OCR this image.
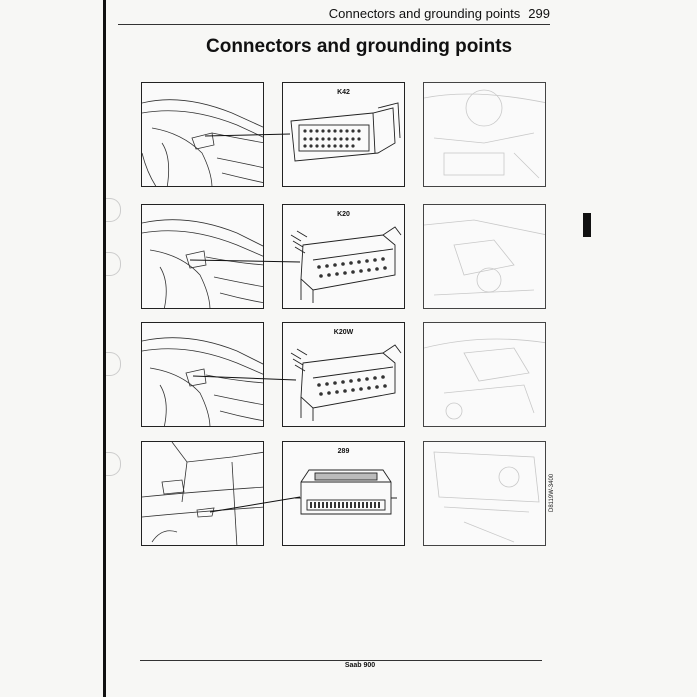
Connectors and grounding points 299
Connectors and grounding points
K42
K20
K20W
289
D8119W-3400
Saab 900
